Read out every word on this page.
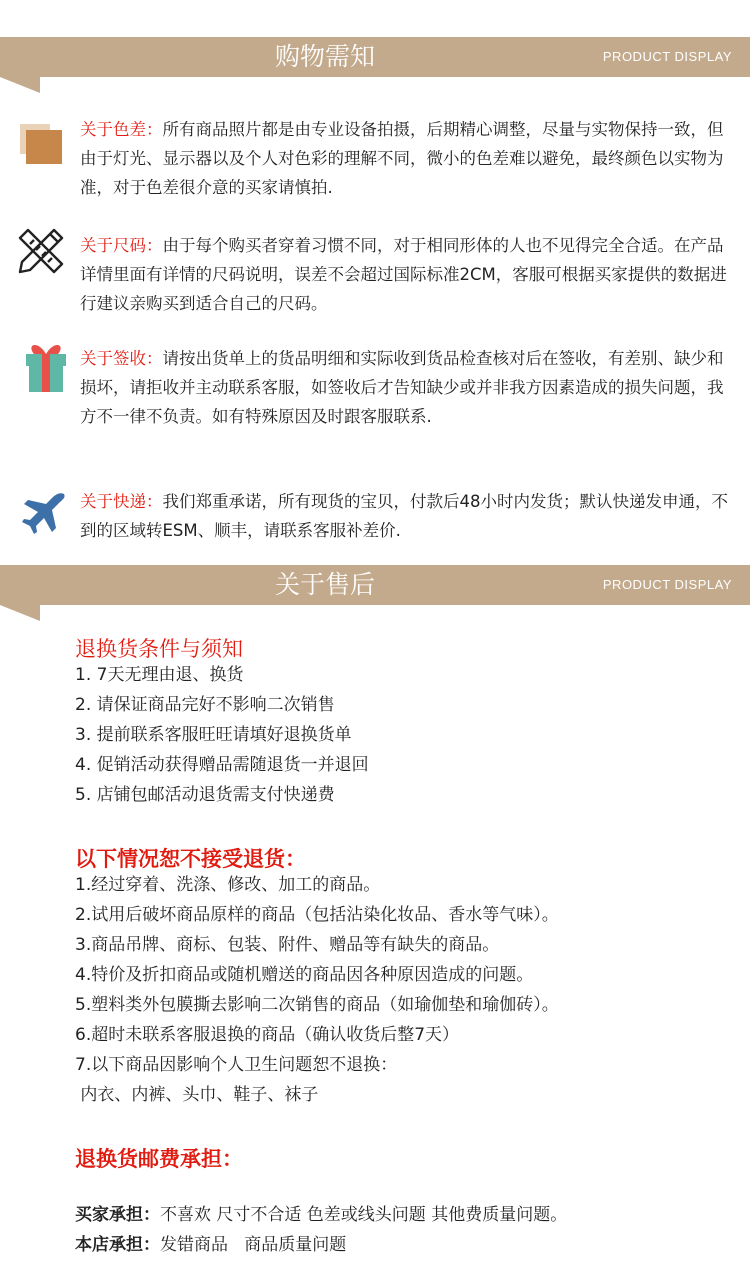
购物需知	PRODUCT DISPLAY
关于色差：所有商品照片都是由专业设备拍摄，后期精心调整，尽量与实物保持一致，但由于灯光、显示器以及个人对色彩的理解不同，微小的色差难以避免，最终颜色以实物为准，对于色差很介意的买家请慎拍.
关于尺码：由于每个购买者穿着习惯不同，对于相同形体的人也不见得完全合适。在产品详情里面有详情的尺码说明，误差不会超过国际标准2CM，客服可根据买家提供的数据进行建议亲购买到适合自己的尺码。
关于签收：请按出货单上的货品明细和实际收到货品检查核对后在签收，有差别、缺少和损坏，请拒收并主动联系客服，如签收后才告知缺少或并非我方因素造成的损失问题，我方不一律不负责。如有特殊原因及时跟客服联系.
关于快递：我们郑重承诺，所有现货的宝贝，付款后48小时内发货；默认快递发申通，不到的区域转ESM、顺丰，请联系客服补差价.
关于售后	PRODUCT DISPLAY
退换货条件与须知
1. 7天无理由退、换货
2. 请保证商品完好不影响二次销售
3. 提前联系客服旺旺请填好退换货单
4. 促销活动获得赠品需随退货一并退回
5. 店铺包邮活动退货需支付快递费
以下情况恕不接受退货：
1.经过穿着、洗涤、修改、加工的商品。
2.试用后破坏商品原样的商品（包括沾染化妆品、香水等气味）。
3.商品吊牌、商标、包装、附件、赠品等有缺失的商品。
4.特价及折扣商品或随机赠送的商品因各种原因造成的问题。
5.塑料类外包膜撕去影响二次销售的商品（如瑜伽垫和瑜伽砖）。
6.超时未联系客服退换的商品（确认收货后整7天）
7.以下商品因影响个人卫生问题恕不退换：
内衣、内裤、头巾、鞋子、袜子
退换货邮费承担：
买家承担：不喜欢 尺寸不合适 色差或线头问题 其他费质量问题。
本店承担：发错商品   商品质量问题
